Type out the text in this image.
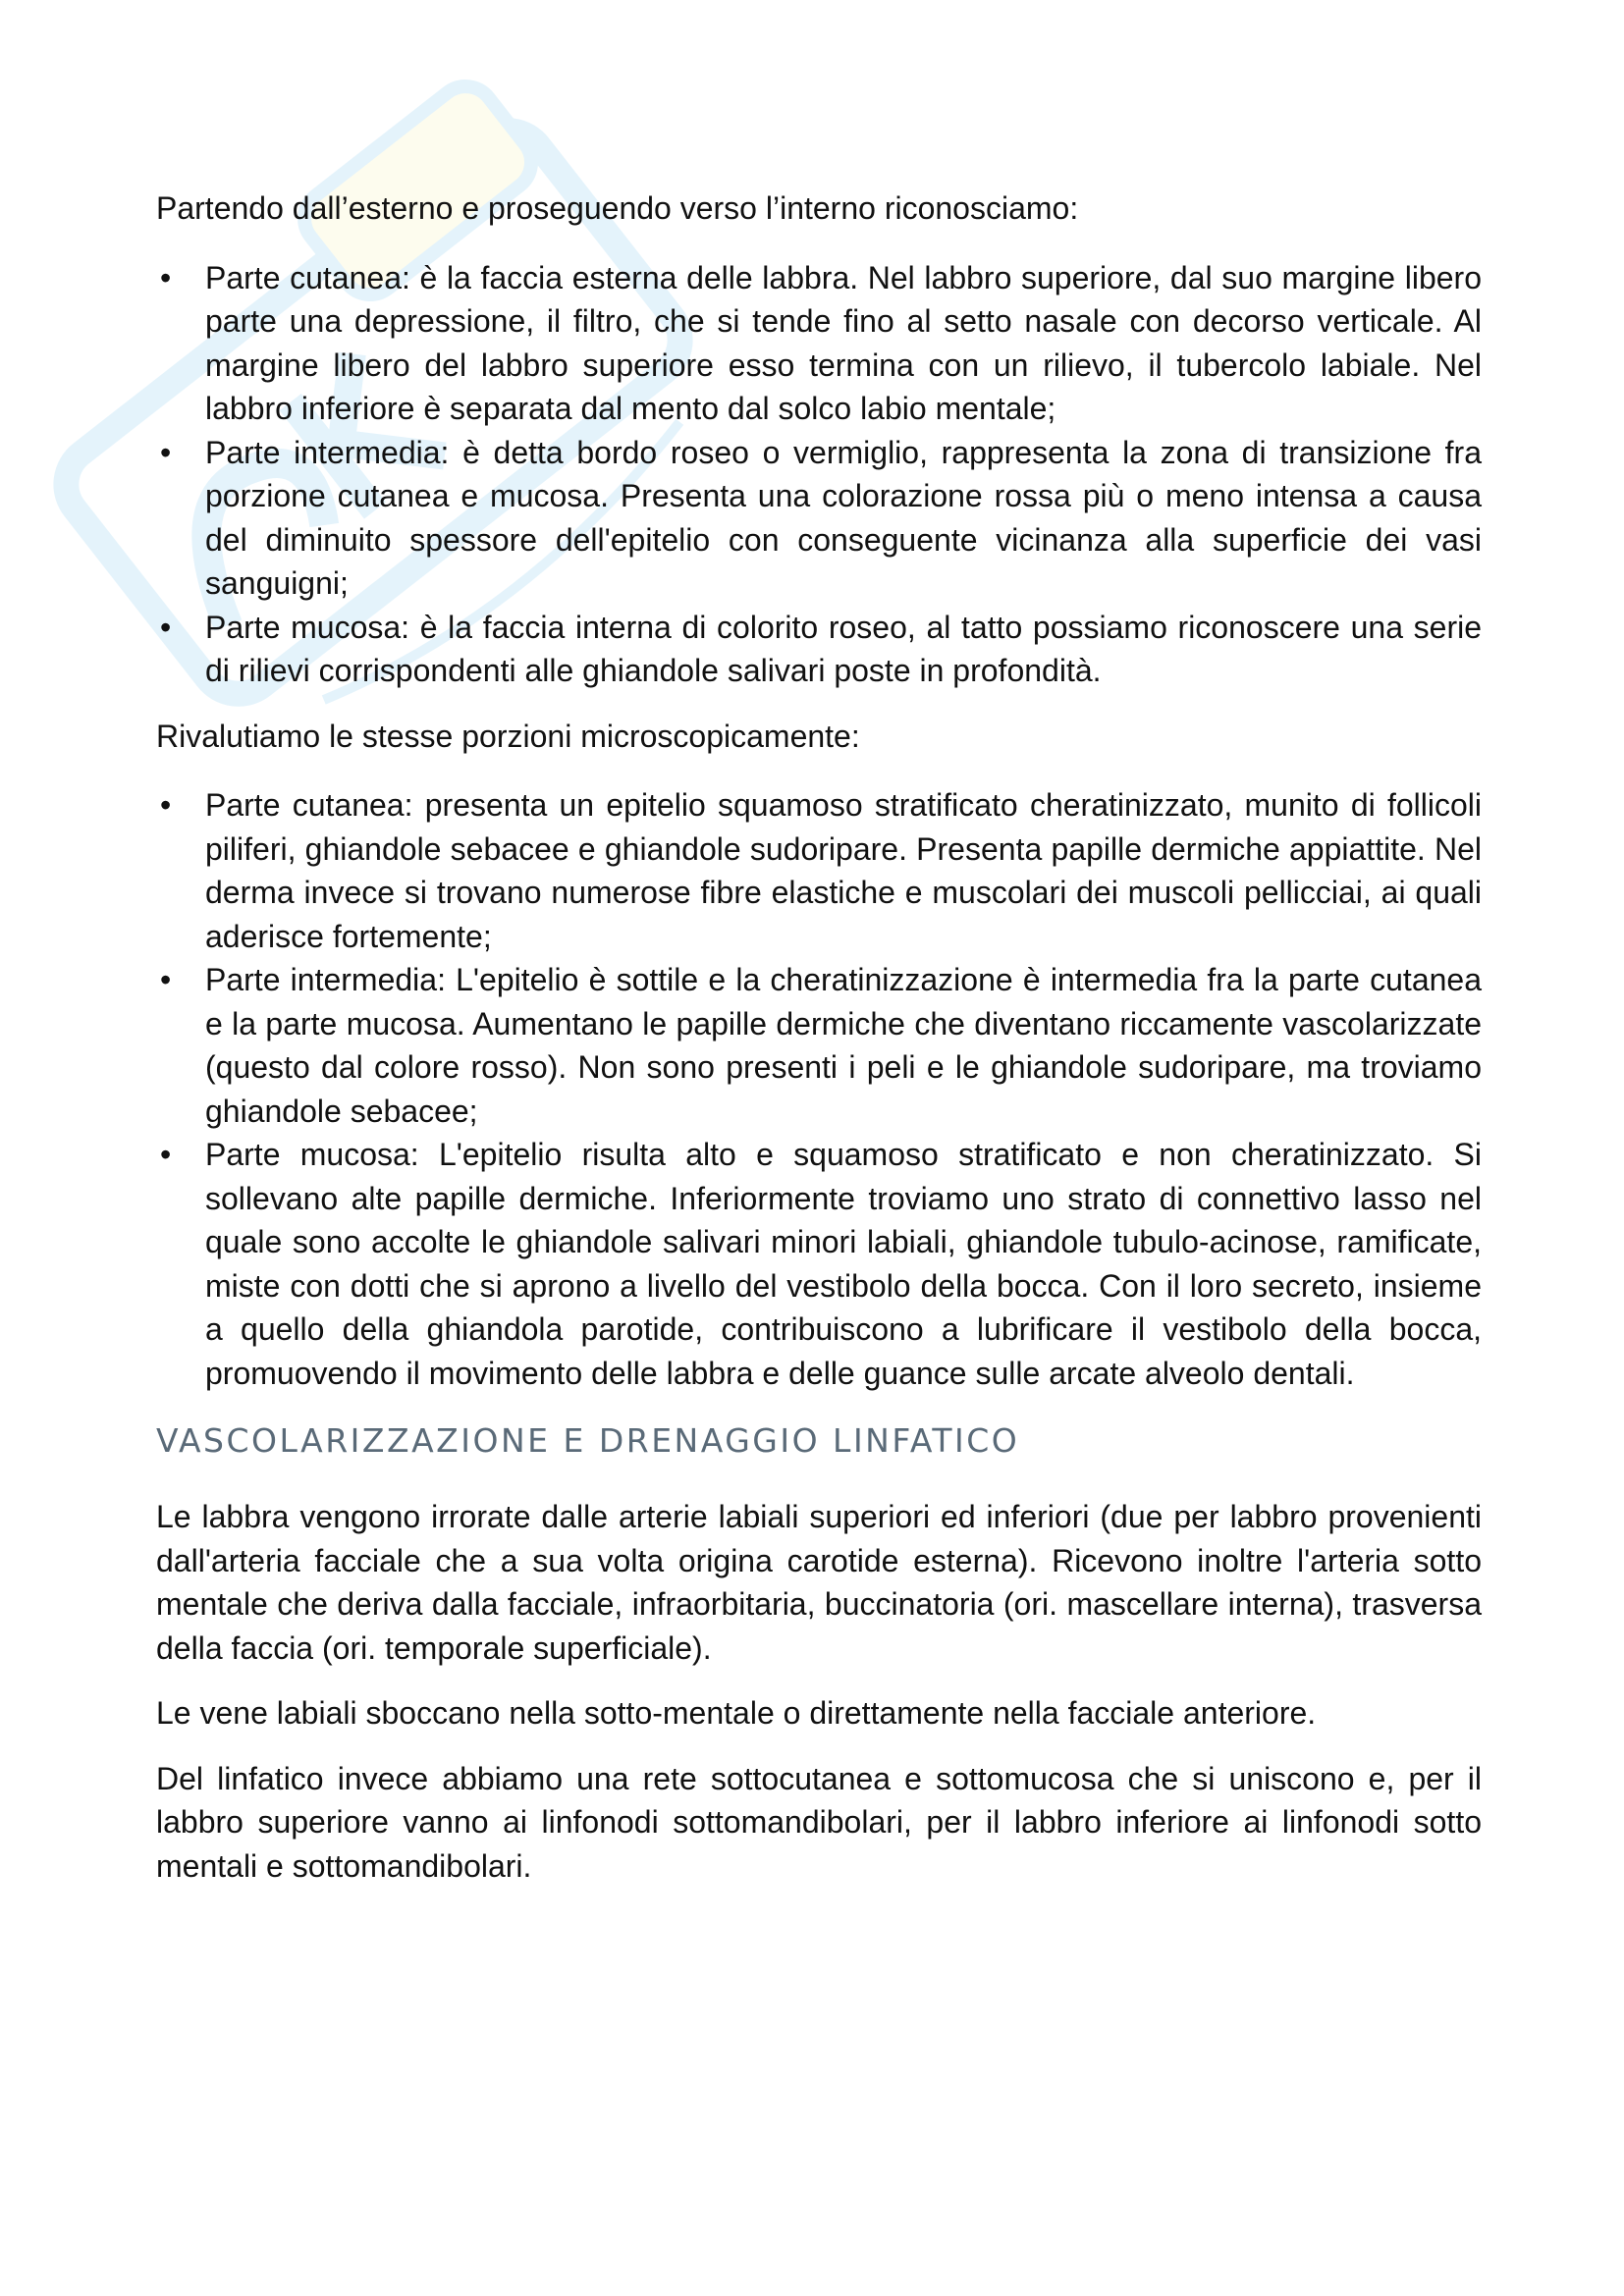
Partendo dall’esterno e proseguendo verso l’interno riconosciamo:

• Parte cutanea: è la faccia esterna delle labbra. Nel labbro superiore, dal suo margine libero parte una depressione, il filtro, che si tende fino al setto nasale con decorso verticale. Al margine libero del labbro superiore esso termina con un rilievo, il tubercolo labiale. Nel labbro inferiore è separata dal mento dal solco labio mentale;
• Parte intermedia: è detta bordo roseo o vermiglio, rappresenta la zona di transizione fra porzione cutanea e mucosa. Presenta una colorazione rossa più o meno intensa a causa del diminuito spessore dell'epitelio con conseguente vicinanza alla superficie dei vasi sanguigni;
• Parte mucosa: è la faccia interna di colorito roseo, al tatto possiamo riconoscere una serie di rilievi corrispondenti alle ghiandole salivari poste in profondità.

Rivalutiamo le stesse porzioni microscopicamente:

• Parte cutanea: presenta un epitelio squamoso stratificato cheratinizzato, munito di follicoli piliferi, ghiandole sebacee e ghiandole sudoripare. Presenta papille dermiche appiattite. Nel derma invece si trovano numerose fibre elastiche e muscolari dei muscoli pellicciai, ai quali aderisce fortemente;
• Parte intermedia: L'epitelio è sottile e la cheratinizzazione è intermedia fra la parte cutanea e la parte mucosa. Aumentano le papille dermiche che diventano riccamente vascolarizzate (questo dal colore rosso). Non sono presenti i peli e le ghiandole sudoripare, ma troviamo ghiandole sebacee;
• Parte mucosa: L'epitelio risulta alto e squamoso stratificato e non cheratinizzato. Si sollevano alte papille dermiche. Inferiormente troviamo uno strato di connettivo lasso nel quale sono accolte le ghiandole salivari minori labiali, ghiandole tubulo-acinose, ramificate, miste con dotti che si aprono a livello del vestibolo della bocca. Con il loro secreto, insieme a quello della ghiandola parotide, contribuiscono a lubrificare il vestibolo della bocca, promuovendo il movimento delle labbra e delle guance sulle arcate alveolo dentali.
VASCOLARIZZAZIONE E DRENAGGIO LINFATICO

Le labbra vengono irrorate dalle arterie labiali superiori ed inferiori (due per labbro provenienti dall'arteria facciale che a sua volta origina carotide esterna). Ricevono inoltre l'arteria sotto mentale che deriva dalla facciale, infraorbitaria, buccinatoria (ori. mascellare interna), trasversa della faccia (ori. temporale superficiale).

Le vene labiali sboccano nella sotto-mentale o direttamente nella facciale anteriore.

Del linfatico invece abbiamo una rete sottocutanea e sottomucosa che si uniscono e, per il labbro superiore vanno ai linfonodi sottomandibolari, per il labbro inferiore ai linfonodi sotto mentali e sottomandibolari.
